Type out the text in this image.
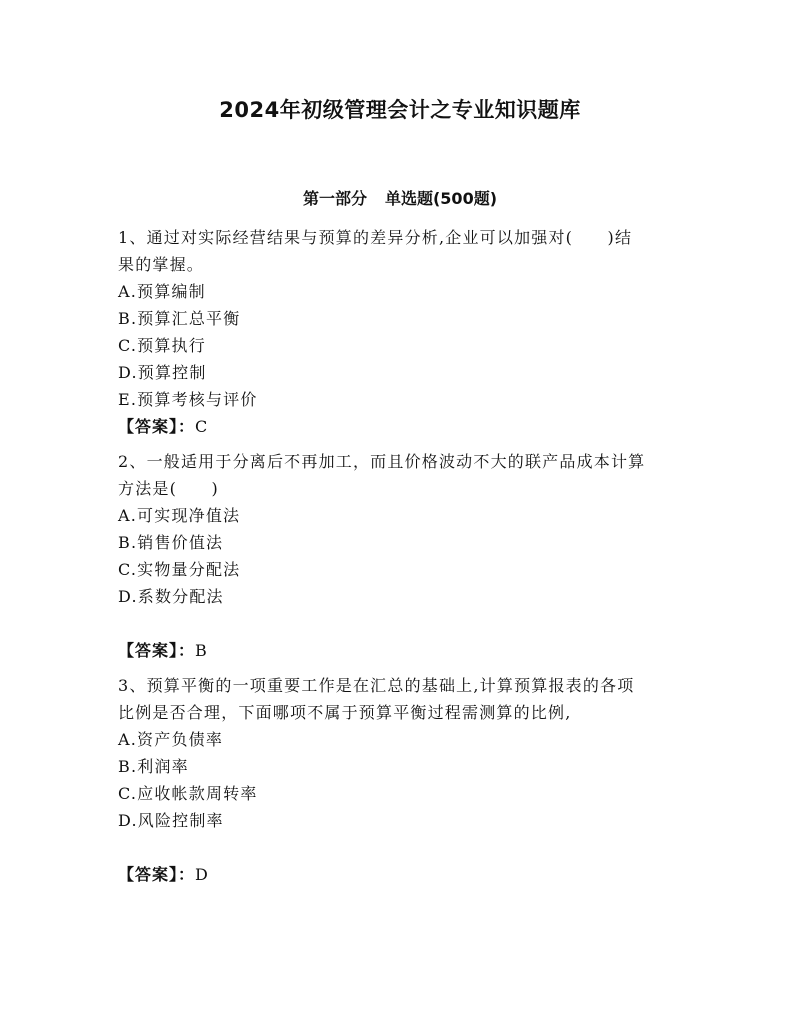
2024年初级管理会计之专业知识题库
第一部分 单选题(500题)

1、通过对实际经营结果与预算的差异分析,企业可以加强对(　　)结

果的掌握。

A.预算编制

B.预算汇总平衡

C.预算执行

D.预算控制

E.预算考核与评价

【答案】：C

2、一般适用于分离后不再加工，而且价格波动不大的联产品成本计算

方法是(　　)

A.可实现净值法

B.销售价值法

C.实物量分配法

D.系数分配法

【答案】：B

3、预算平衡的一项重要工作是在汇总的基础上,计算预算报表的各项

比例是否合理，下面哪项不属于预算平衡过程需测算的比例,

A.资产负债率

B.利润率

C.应收帐款周转率

D.风险控制率

【答案】：D
